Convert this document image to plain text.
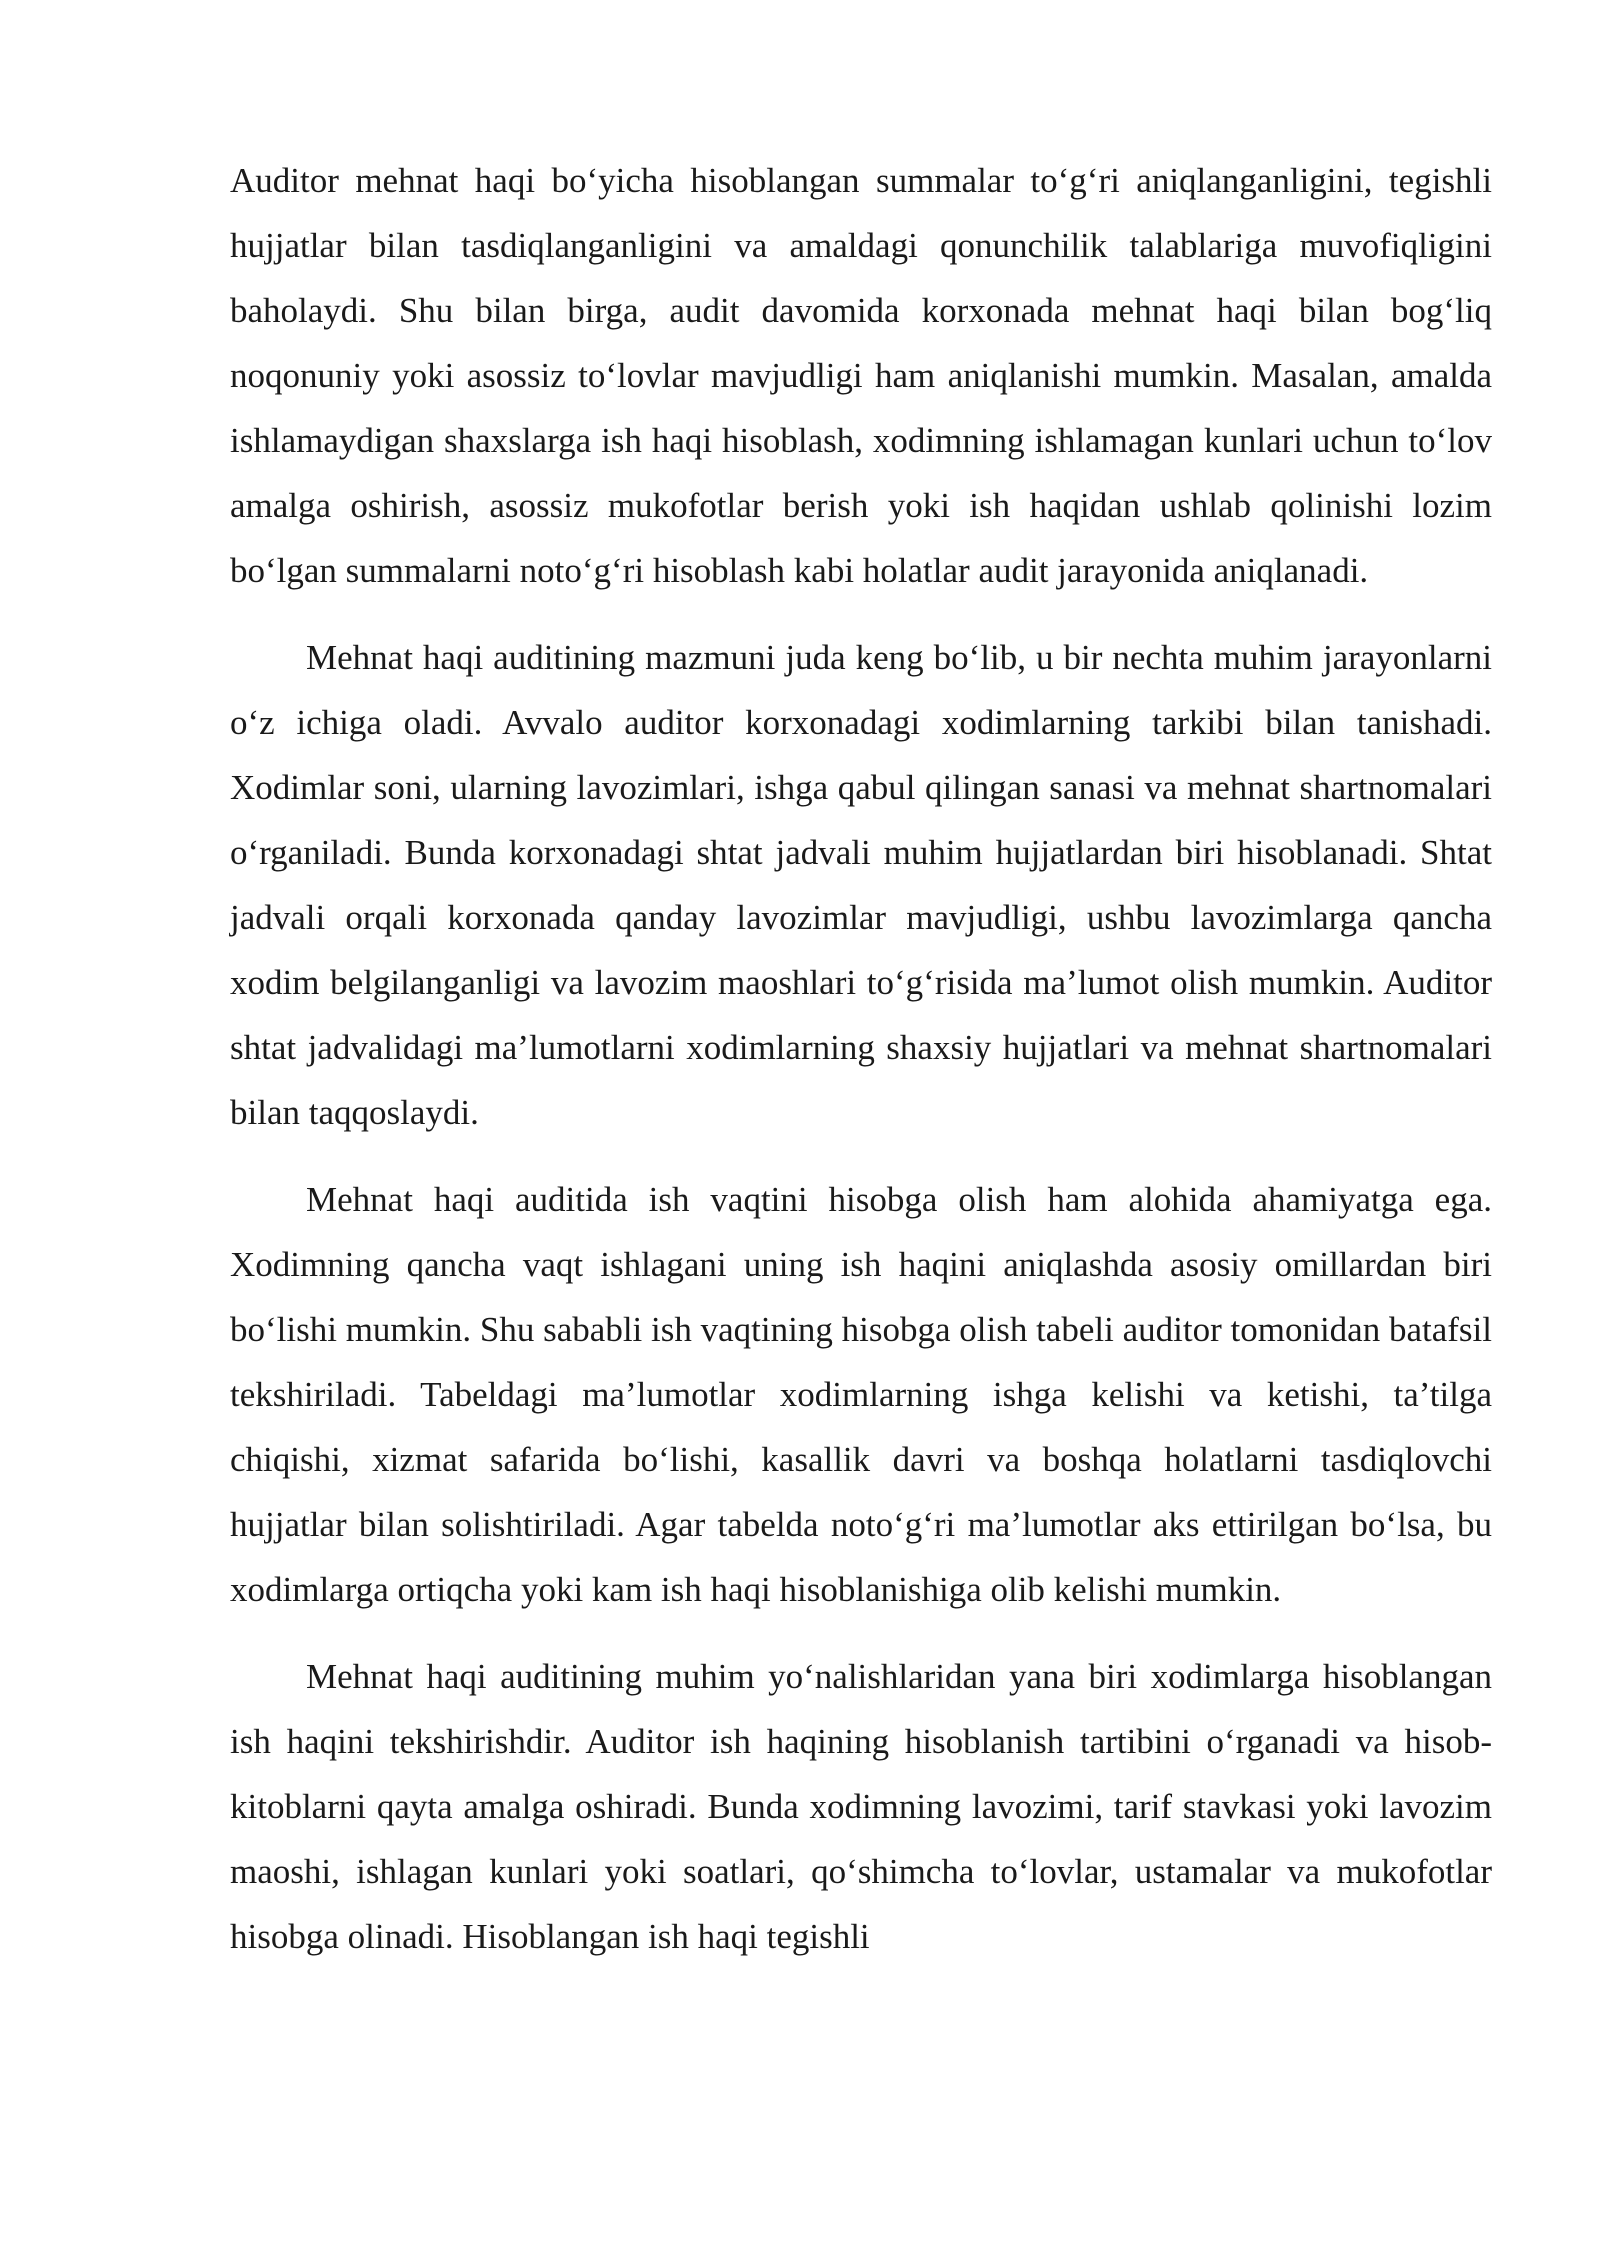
Auditor mehnat haqi bo‘yicha hisoblangan summalar to‘g‘ri aniqlanganligini, tegishli hujjatlar bilan tasdiqlanganligini va amaldagi qonunchilik talablariga muvofiqligini baholaydi. Shu bilan birga, audit davomida korxonada mehnat haqi bilan bog‘liq noqonuniy yoki asossiz to‘lovlar mavjudligi ham aniqlanishi mumkin. Masalan, amalda ishlamaydigan shaxslarga ish haqi hisoblash, xodimning ishlamagan kunlari uchun to‘lov amalga oshirish, asossiz mukofotlar berish yoki ish haqidan ushlab qolinishi lozim bo‘lgan summalarni noto‘g‘ri hisoblash kabi holatlar audit jarayonida aniqlanadi.

Mehnat haqi auditining mazmuni juda keng bo‘lib, u bir nechta muhim jarayonlarni o‘z ichiga oladi. Avvalo auditor korxonadagi xodimlarning tarkibi bilan tanishadi. Xodimlar soni, ularning lavozimlari, ishga qabul qilingan sanasi va mehnat shartnomalari o‘rganiladi. Bunda korxonadagi shtat jadvali muhim hujjatlardan biri hisoblanadi. Shtat jadvali orqali korxonada qanday lavozimlar mavjudligi, ushbu lavozimlarga qancha xodim belgilanganligi va lavozim maoshlari to‘g‘risida ma’lumot olish mumkin. Auditor shtat jadvalidagi ma’lumotlarni xodimlarning shaxsiy hujjatlari va mehnat shartnomalari bilan taqqoslaydi.

Mehnat haqi auditida ish vaqtini hisobga olish ham alohida ahamiyatga ega. Xodimning qancha vaqt ishlagani uning ish haqini aniqlashda asosiy omillardan biri bo‘lishi mumkin. Shu sababli ish vaqtining hisobga olish tabeli auditor tomonidan batafsil tekshiriladi. Tabeldagi ma’lumotlar xodimlarning ishga kelishi va ketishi, ta’tilga chiqishi, xizmat safarida bo‘lishi, kasallik davri va boshqa holatlarni tasdiqlovchi hujjatlar bilan solishtiriladi. Agar tabelda noto‘g‘ri ma’lumotlar aks ettirilgan bo‘lsa, bu xodimlarga ortiqcha yoki kam ish haqi hisoblanishiga olib kelishi mumkin.

Mehnat haqi auditining muhim yo‘nalishlaridan yana biri xodimlarga hisoblangan ish haqini tekshirishdir. Auditor ish haqining hisoblanish tartibini o‘rganadi va hisob-kitoblarni qayta amalga oshiradi. Bunda xodimning lavozimi, tarif stavkasi yoki lavozim maoshi, ishlagan kunlari yoki soatlari, qo‘shimcha to‘lovlar, ustamalar va mukofotlar hisobga olinadi. Hisoblangan ish haqi tegishli
